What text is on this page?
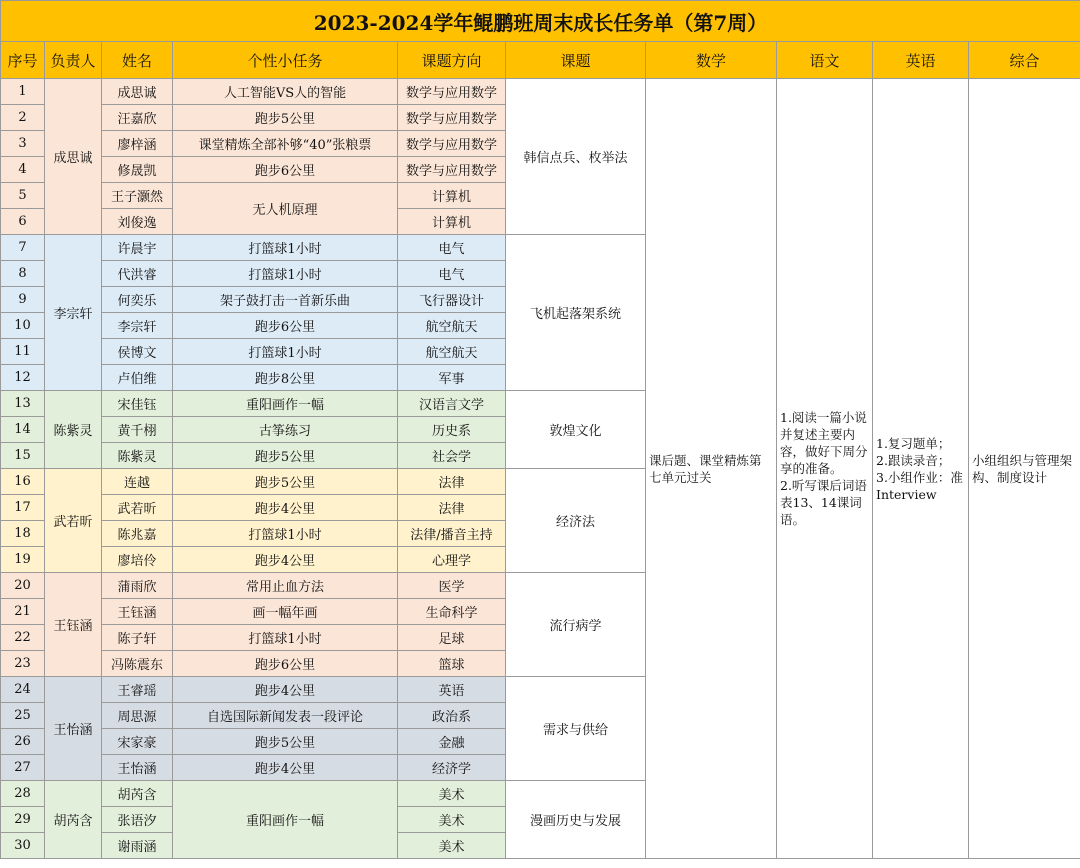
2023-2024学年鲲鹏班周末成长任务单（第7周）									
序号	负责人	姓名	个性小任务	课题方向	课题	数学	语文	英语	综合
1	成思诚	成思诚	人工智能VS人的智能	数学与应用数学	韩信点兵、枚举法	课后题、课堂精炼第七单元过关	1.阅读一篇小说并复述主要内容，做好下周分享的准备。
2.听写课后词语表13、14课词语。	1.复习题单；
2.跟读录音；
3.小组作业：准Interview	小组组织与管理架构、制度设计
2		汪嘉欣	跑步5公里	数学与应用数学					
3		廖梓涵	课堂精炼全部补够“40”张粮票	数学与应用数学					
4		修晟凯	跑步6公里	数学与应用数学					
5		王子灏然	无人机原理	计算机					
6		刘俊逸		计算机					
7	李宗轩	许晨宇	打篮球1小时	电气	飞机起落架系统				
8		代洪睿	打篮球1小时	电气					
9		何奕乐	架子鼓打击一首新乐曲	飞行器设计					
10		李宗轩	跑步6公里	航空航天					
11		侯博文	打篮球1小时	航空航天					
12		卢伯维	跑步8公里	军事					
13	陈紫灵	宋佳钰	重阳画作一幅	汉语言文学	敦煌文化				
14		黄千栩	古筝练习	历史系					
15		陈紫灵	跑步5公里	社会学					
16	武若昕	连越	跑步5公里	法律	经济法				
17		武若昕	跑步4公里	法律					
18		陈兆嘉	打篮球1小时	法律/播音主持					
19		廖培伶	跑步4公里	心理学					
20	王钰涵	蒲雨欣	常用止血方法	医学	流行病学				
21		王钰涵	画一幅年画	生命科学					
22		陈子轩	打篮球1小时	足球					
23		冯陈震东	跑步6公里	篮球					
24	王怡涵	王睿瑶	跑步4公里	英语	需求与供给				
25		周思源	自选国际新闻发表一段评论	政治系					
26		宋家豪	跑步5公里	金融					
27		王怡涵	跑步4公里	经济学					
28	胡芮含	胡芮含	重阳画作一幅	美术	漫画历史与发展				
29		张语汐		美术					
30		谢雨涵		美术					
